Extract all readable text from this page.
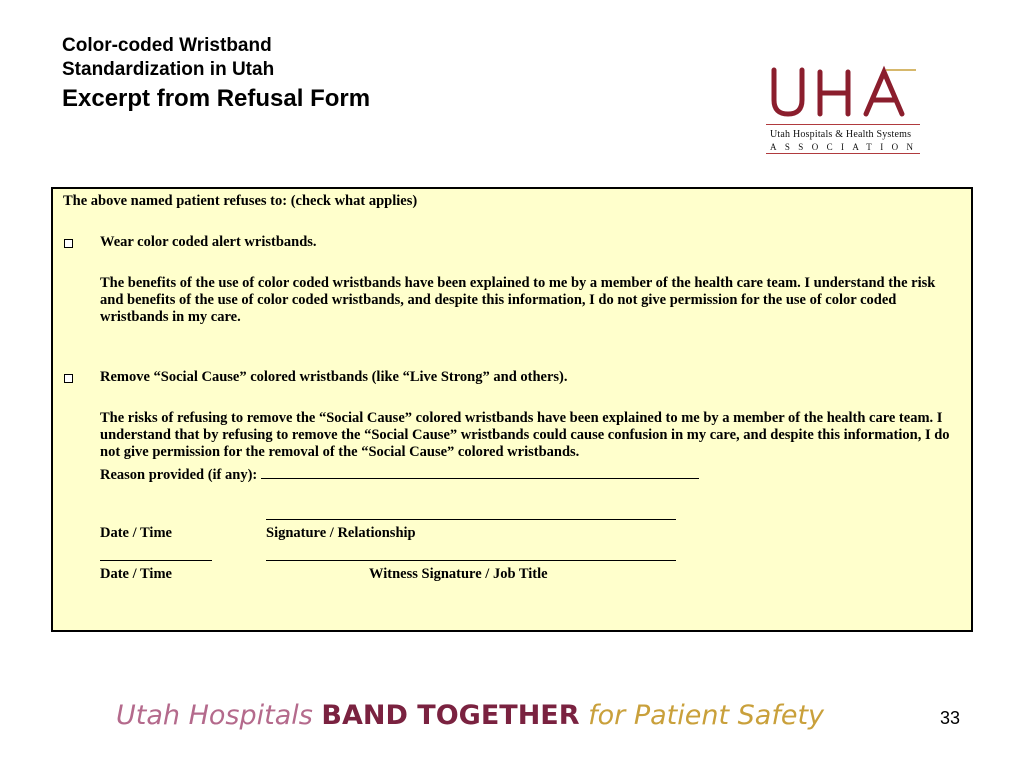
Color-coded Wristband
Standardization in Utah
Excerpt from Refusal Form
Utah Hospitals & Health Systems
ASSOCIATION
The above named patient refuses to: (check what applies)
Wear color coded alert wristbands.
The benefits of the use of color coded wristbands have been explained to me by a member of the health care team. I understand the risk and benefits of the use of color coded wristbands, and despite this information, I do not give permission for the use of color coded wristbands in my care.
Remove “Social Cause” colored wristbands (like “Live Strong” and others).
The risks of refusing to remove the “Social Cause” colored wristbands have been explained to me by a member of the health care team. I understand that by refusing to remove the “Social Cause” wristbands could cause confusion in my care, and despite this information, I do not give permission for the removal of the “Social Cause” colored wristbands.
Reason provided (if any):
Date / Time	Signature / Relationship
Date / Time	Witness Signature / Job Title
Utah Hospitals BAND TOGETHER for Patient Safety	33
